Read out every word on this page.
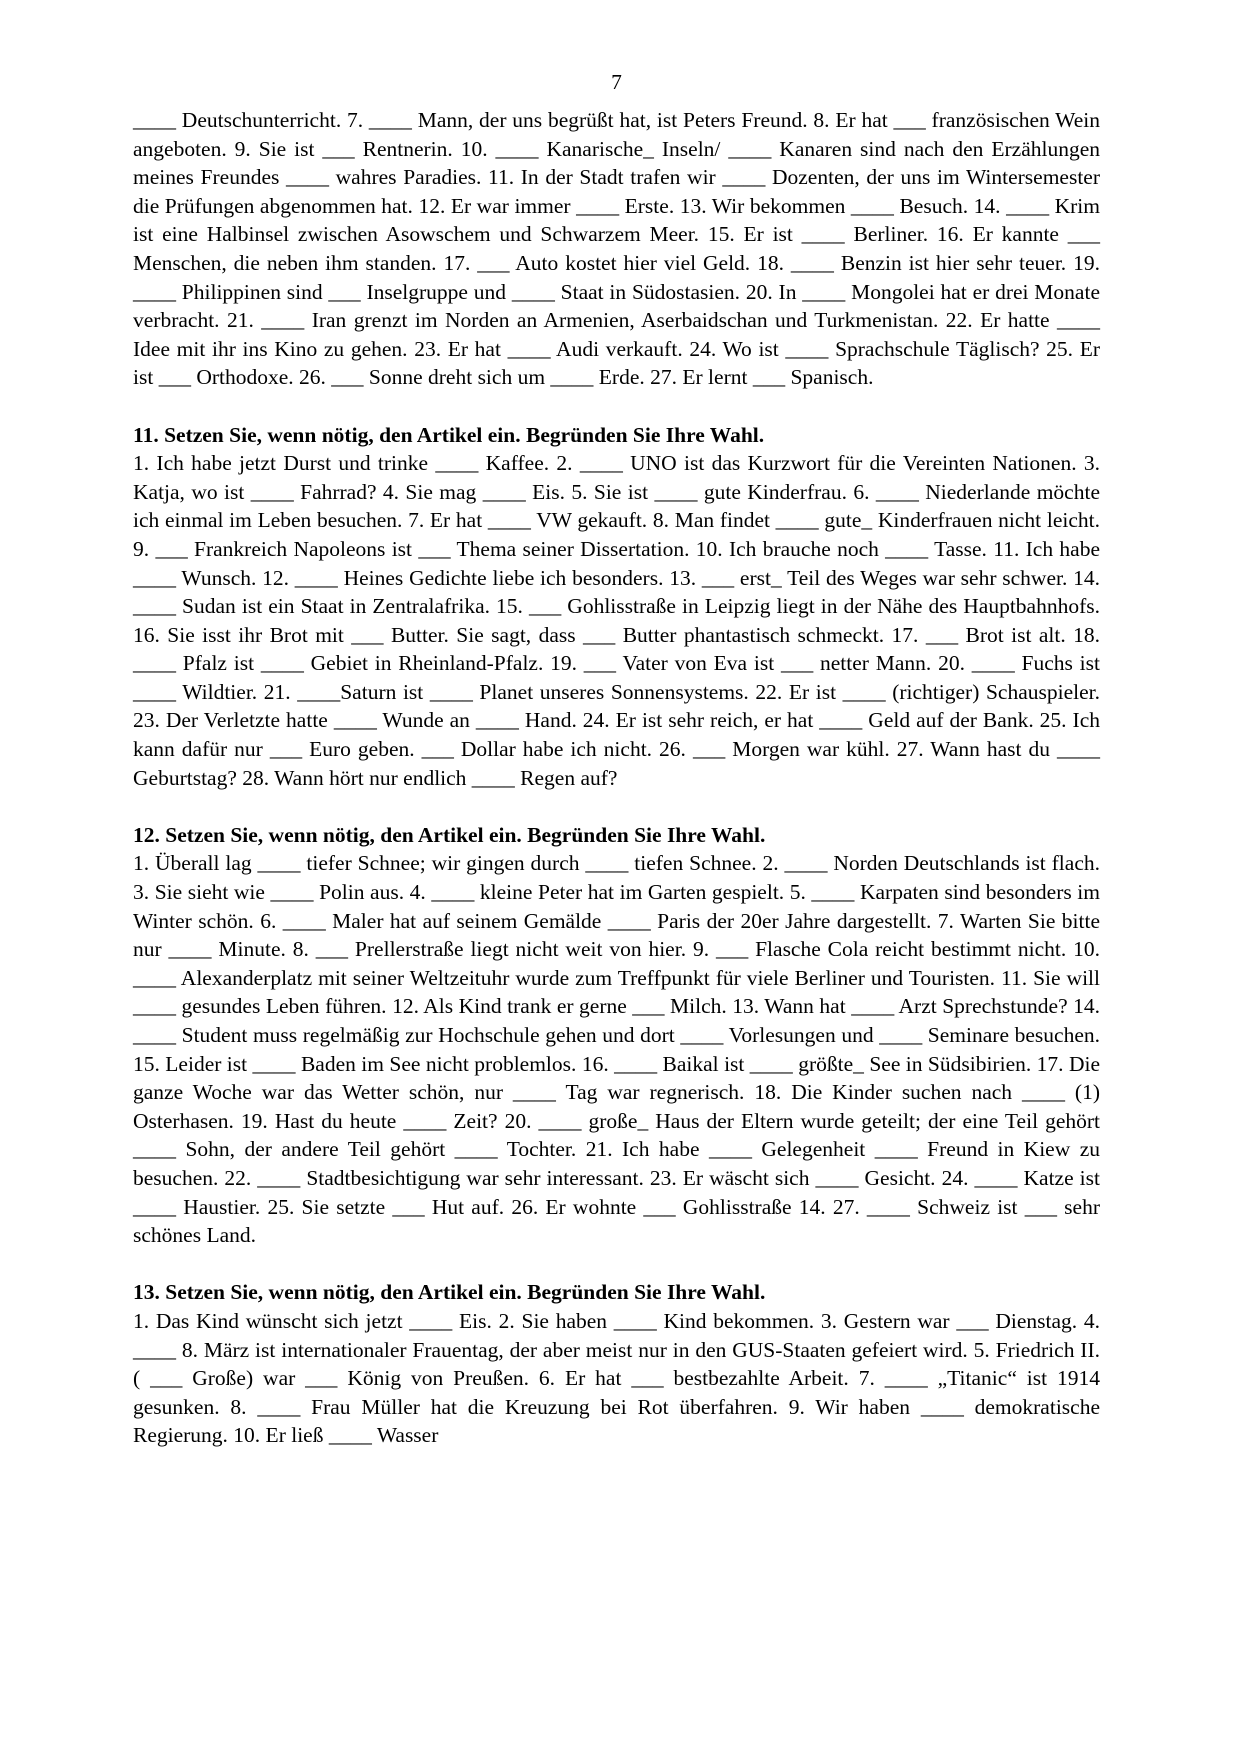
7

____ Deutschunterricht. 7. ____ Mann, der uns begrüßt hat, ist Peters Freund. 8. Er hat ___ französischen Wein angeboten. 9. Sie ist ___ Rentnerin. 10. ____ Kanarische_ Inseln/ ____ Kanaren sind nach den Erzählungen meines Freundes ____ wahres Paradies. 11. In der Stadt trafen wir ____ Dozenten, der uns im Wintersemester die Prüfungen abgenommen hat. 12. Er war immer ____ Erste. 13. Wir bekommen ____ Besuch. 14. ____ Krim ist eine Halbinsel zwischen Asowschem und Schwarzem Meer. 15. Er ist ____ Berliner. 16. Er kannte ___ Menschen, die neben ihm standen. 17. ___ Auto kostet hier viel Geld. 18. ____ Benzin ist hier sehr teuer. 19. ____ Philippinen sind ___ Inselgruppe und ____ Staat in Südostasien. 20. In ____ Mongolei hat er drei Monate verbracht. 21. ____ Iran grenzt im Norden an Armenien, Aserbaidschan und Turkmenistan. 22. Er hatte ____ Idee mit ihr ins Kino zu gehen. 23. Er hat ____ Audi verkauft. 24. Wo ist ____ Sprachschule Täglisch? 25. Er ist ___ Orthodoxe. 26. ___ Sonne dreht sich um ____ Erde. 27. Er lernt ___ Spanisch.

11. Setzen Sie, wenn nötig, den Artikel ein. Begründen Sie Ihre Wahl.

1. Ich habe jetzt Durst und trinke ____ Kaffee. 2. ____ UNO ist das Kurzwort für die Vereinten Nationen. 3. Katja, wo ist ____ Fahrrad? 4. Sie mag ____ Eis. 5. Sie ist ____ gute Kinderfrau. 6. ____ Niederlande möchte ich einmal im Leben besuchen. 7. Er hat ____ VW gekauft. 8. Man findet ____ gute_ Kinderfrauen nicht leicht. 9. ___ Frankreich Napoleons ist ___ Thema seiner Dissertation. 10. Ich brauche noch ____ Tasse. 11. Ich habe ____ Wunsch. 12. ____ Heines Gedichte liebe ich besonders. 13. ___ erst_ Teil des Weges war sehr schwer. 14. ____ Sudan ist ein Staat in Zentralafrika. 15. ___ Gohlisstraße in Leipzig liegt in der Nähe des Hauptbahnhofs. 16. Sie isst ihr Brot mit ___ Butter. Sie sagt, dass ___ Butter phantastisch schmeckt. 17. ___ Brot ist alt. 18. ____ Pfalz ist ____ Gebiet in Rheinland-Pfalz. 19. ___ Vater von Eva ist ___ netter Mann. 20. ____ Fuchs ist ____ Wildtier. 21. ____Saturn ist ____ Planet unseres Sonnensystems. 22. Er ist ____ (richtiger) Schauspieler. 23. Der Verletzte hatte ____ Wunde an ____ Hand. 24. Er ist sehr reich, er hat ____ Geld auf der Bank. 25. Ich kann dafür nur ___ Euro geben. ___ Dollar habe ich nicht. 26. ___ Morgen war kühl. 27. Wann hast du ____ Geburtstag? 28. Wann hört nur endlich ____ Regen auf?

12. Setzen Sie, wenn nötig, den Artikel ein. Begründen Sie Ihre Wahl.

1. Überall lag ____ tiefer Schnee; wir gingen durch ____ tiefen Schnee. 2. ____ Norden Deutschlands ist flach. 3. Sie sieht wie ____ Polin aus. 4. ____ kleine Peter hat im Garten gespielt. 5. ____ Karpaten sind besonders im Winter schön. 6. ____ Maler hat auf seinem Gemälde ____ Paris der 20er Jahre dargestellt. 7. Warten Sie bitte nur ____ Minute. 8. ___ Prellerstraße liegt nicht weit von hier. 9. ___ Flasche Cola reicht bestimmt nicht. 10. ____ Alexanderplatz mit seiner Weltzeituhr wurde zum Treffpunkt für viele Berliner und Touristen. 11. Sie will ____ gesundes Leben führen. 12. Als Kind trank er gerne ___ Milch. 13. Wann hat ____ Arzt Sprechstunde? 14. ____ Student muss regelmäßig zur Hochschule gehen und dort ____ Vorlesungen und ____ Seminare besuchen. 15. Leider ist ____ Baden im See nicht problemlos. 16. ____ Baikal ist ____ größte_ See in Südsibirien. 17. Die ganze Woche war das Wetter schön, nur ____ Tag war regnerisch. 18. Die Kinder suchen nach ____ (1) Osterhasen. 19. Hast du heute ____ Zeit? 20. ____ große_ Haus der Eltern wurde geteilt; der eine Teil gehört ____ Sohn, der andere Teil gehört ____ Tochter. 21. Ich habe ____ Gelegenheit ____ Freund in Kiew zu besuchen. 22. ____ Stadtbesichtigung war sehr interessant. 23. Er wäscht sich ____ Gesicht. 24. ____ Katze ist ____ Haustier. 25. Sie setzte ___ Hut auf. 26. Er wohnte ___ Gohlisstraße 14. 27. ____ Schweiz ist ___ sehr schönes Land.

13. Setzen Sie, wenn nötig, den Artikel ein. Begründen Sie Ihre Wahl.

1. Das Kind wünscht sich jetzt ____ Eis. 2. Sie haben ____ Kind bekommen. 3. Gestern war ___ Dienstag. 4. ____ 8. März ist internationaler Frauentag, der aber meist nur in den GUS-Staaten gefeiert wird. 5. Friedrich II. ( ___ Große) war ___ König von Preußen. 6. Er hat ___ bestbezahlte Arbeit. 7. ____ „Titanic“ ist 1914 gesunken. 8. ____ Frau Müller hat die Kreuzung bei Rot überfahren. 9. Wir haben ____ demokratische Regierung. 10. Er ließ ____ Wasser
